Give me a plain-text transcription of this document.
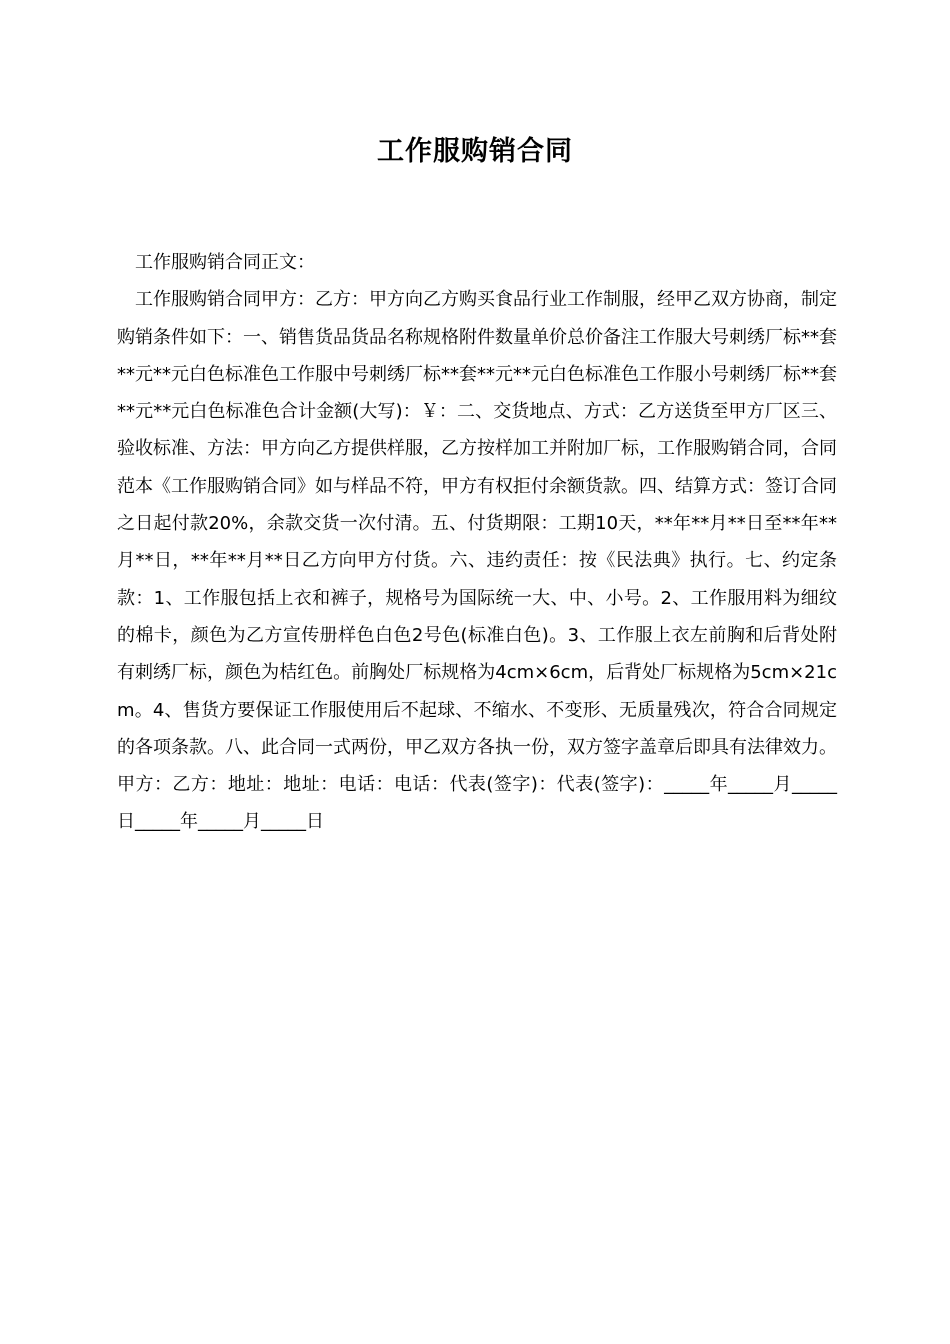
工作服购销合同

工作服购销合同正文：

工作服购销合同甲方：乙方：甲方向乙方购买食品行业工作制服，经甲乙双方协商，制定购销条件如下：一、销售货品货品名称规格附件数量单价总价备注工作服大号刺绣厂标**套**元**元白色标准色工作服中号刺绣厂标**套**元**元白色标准色工作服小号刺绣厂标**套**元**元白色标准色合计金额(大写)：￥：二、交货地点、方式：乙方送货至甲方厂区三、验收标准、方法：甲方向乙方提供样服，乙方按样加工并附加厂标，工作服购销合同，合同范本《工作服购销合同》如与样品不符，甲方有权拒付余额货款。四、结算方式：签订合同之日起付款20%，余款交货一次付清。五、付货期限：工期10天，**年**月**日至**年**月**日，**年**月**日乙方向甲方付货。六、违约责任：按《民法典》执行。七、约定条款：1、工作服包括上衣和裤子，规格号为国际统一大、中、小号。2、工作服用料为细纹的棉卡，颜色为乙方宣传册样色白色2号色(标准白色)。3、工作服上衣左前胸和后背处附有刺绣厂标，颜色为桔红色。前胸处厂标规格为4cm×6cm，后背处厂标规格为5cm×21cm。4、售货方要保证工作服使用后不起球、不缩水、不变形、无质量残次，符合合同规定的各项条款。八、此合同一式两份，甲乙双方各执一份，双方签字盖章后即具有法律效力。甲方：乙方：地址：地址：电话：电话：代表(签字)：代表(签字)：_____年_____月_____日_____年_____月_____日
